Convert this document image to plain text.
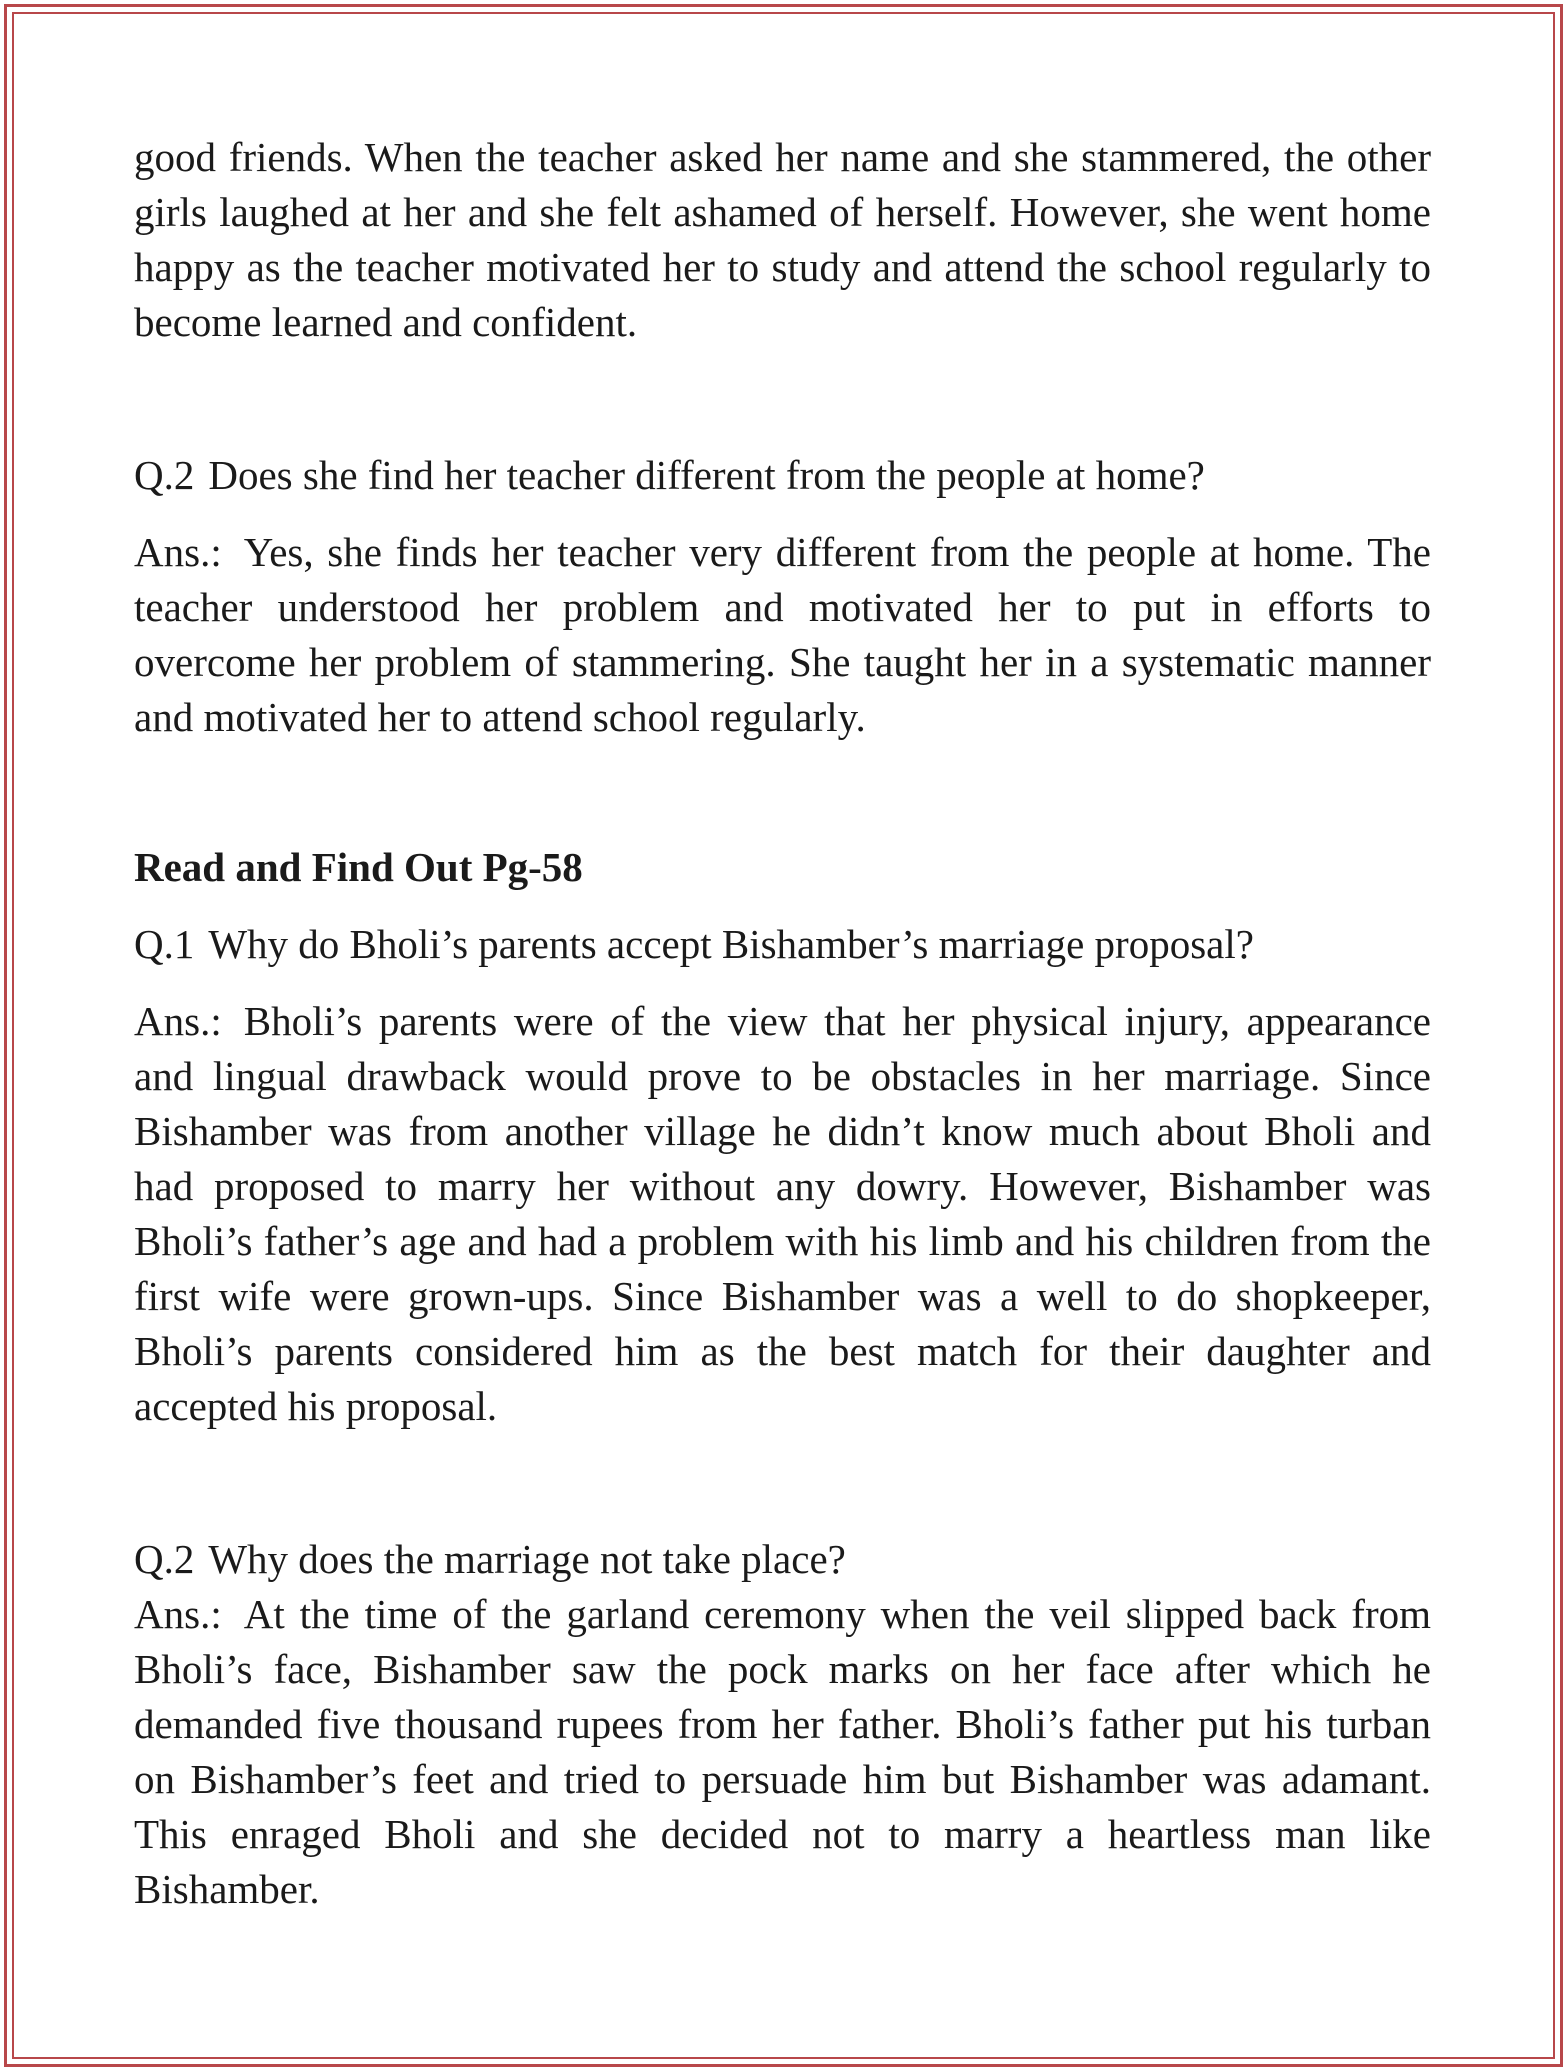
good friends. When the teacher asked her name and she stammered, the other girls laughed at her and she felt ashamed of herself. However, she went home happy as the teacher motivated her to study and attend the school regularly to become learned and confident.

Q.2 Does she find her teacher different from the people at home?

Ans.: Yes, she finds her teacher very different from the people at home. The teacher understood her problem and motivated her to put in efforts to overcome her problem of stammering. She taught her in a systematic manner and motivated her to attend school regularly.

Read and Find Out Pg-58

Q.1 Why do Bholi’s parents accept Bishamber’s marriage proposal?

Ans.: Bholi’s parents were of the view that her physical injury, appearance and lingual drawback would prove to be obstacles in her marriage. Since Bishamber was from another village he didn’t know much about Bholi and had proposed to marry her without any dowry. However, Bishamber was Bholi’s father’s age and had a problem with his limb and his children from the first wife were grown-ups. Since Bishamber was a well to do shopkeeper, Bholi’s parents considered him as the best match for their daughter and accepted his proposal.

Q.2 Why does the marriage not take place?

Ans.: At the time of the garland ceremony when the veil slipped back from Bholi’s face, Bishamber saw the pock marks on her face after which he demanded five thousand rupees from her father. Bholi’s father put his turban on Bishamber’s feet and tried to persuade him but Bishamber was adamant. This enraged Bholi and she decided not to marry a heartless man like Bishamber.
